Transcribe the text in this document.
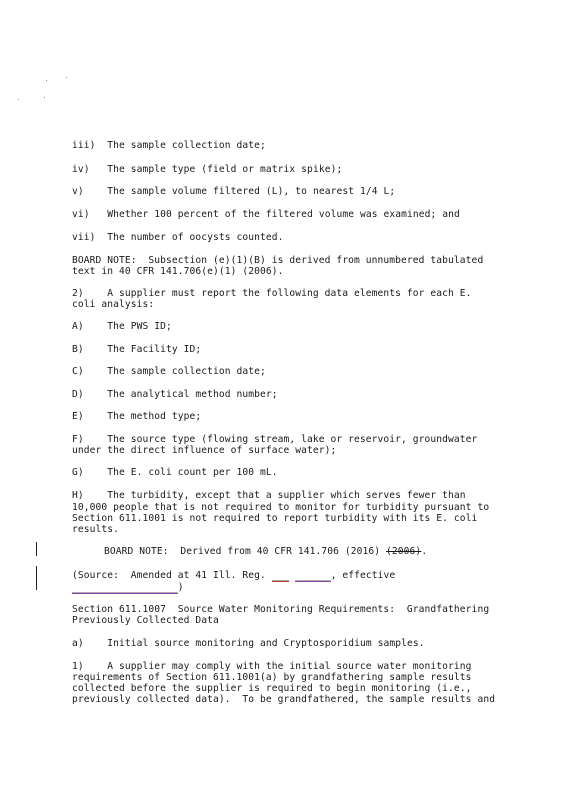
iii) The sample collection date;
iv) The sample type (field or matrix spike);
v) The sample volume filtered (L), to nearest 1/4 L;
vi) Whether 100 percent of the filtered volume was examined; and
vii) The number of oocysts counted.
BOARD NOTE:  Subsection (e)(1)(B) is derived from unnumbered tabulated
text in 40 CFR 141.706(e)(1) (2006).
2)    A supplier must report the following data elements for each E.
coli analysis:
A) The PWS ID;
B) The Facility ID;
C) The sample collection date;
D) The analytical method number;
E) The method type;
F)    The source type (flowing stream, lake or reservoir, groundwater
under the direct influence of surface water);
G) The E. coli count per 100 mL.
H)    The turbidity, except that a supplier which serves fewer than
10,000 people that is not required to monitor for turbidity pursuant to
Section 611.1001 is not required to report turbidity with its E. coli
results.
BOARD NOTE:  Derived from 40 CFR 141.706 (2016) (2006).
(Source:  Amended at 41 Ill. Reg. ___ ______, effective
__________________)
Section 611.1007  Source Water Monitoring Requirements:  Grandfathering
Previously Collected Data
a) Initial source monitoring and Cryptosporidium samples.
1)    A supplier may comply with the initial source water monitoring
requirements of Section 611.1001(a) by grandfathering sample results
collected before the supplier is required to begin monitoring (i.e.,
previously collected data).  To be grandfathered, the sample results and
